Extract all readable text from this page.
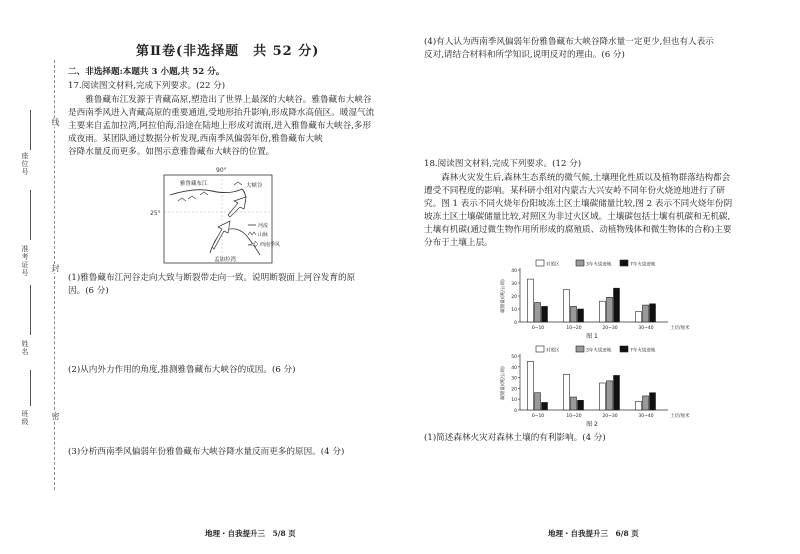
座位号
准考证号
姓名
班级
线
封
密
第Ⅱ卷(非选择题　共 52 分)
二、非选择题:本题共 3 小题,共 52 分。
17.阅读图文材料,完成下列要求。(22 分)
雅鲁藏布江发源于青藏高原,塑造出了世界上最深的大峡谷。雅鲁藏布大峡谷
是西南季风进入青藏高原的重要通道,受地形抬升影响,形成降水高值区。暖湿气流
主要来自孟加拉湾,阿拉伯海,沿途在陆地上形成对流雨,进入雅鲁藏布大峡谷,多形
成夜雨。某团队通过数据分析发现,西南季风偏弱年份,雅鲁藏布大峡
谷降水量反而更多。如图示意雅鲁藏布大峡谷的位置。
90°
25°
雅鲁藏布江	大峡谷
孟加拉湾
河流
山脉
西南季风
(1)雅鲁藏布江河谷走向大致与断裂带走向一致。说明断裂面上河谷发育的原
因。(6 分)
(2)从内外力作用的角度,推测雅鲁藏布大峡谷的成因。(6 分)
(3)分析西南季风偏弱年份雅鲁藏布大峡谷降水量反而更多的原因。(4 分)
地理・自我提升三　5/8 页
(4)有人认为西南季风偏弱年份雅鲁藏布大峡谷降水量一定更少,但也有人表示
反对,请结合材料和所学知识,说明反对的理由。(6 分)
18.阅读图文材料,完成下列要求。(12 分)
森林火灾发生后,森林生态系统的微气候,土壤理化性质以及植物群落结构都会
遭受不同程度的影响。某科研小组对内蒙古大兴安岭不同年份火烧迹地进行了研
究。图 1 表示不同火烧年份阳坡冻土区土壤碳储量比较,图 2 表示不同火烧年份阴
坡冻土区土壤碳储量比较,对照区为非过火区域。土壤碳包括土壤有机碳和无机碳,
土壤有机碳(通过微生物作用所形成的腐殖质、动植物残体和微生物体的合称)主要
分布于土壤上层。
0
10
20
30
40
碳储量/(吨/公顷)
0~10	10~20	20~30	30~40	土层/厘米
对照区	3年火烧迹地	7年火烧迹地
图 1
0
10
20
30
40
50
碳储量/(吨/公顷)
0~10	10~20	20~30	30~40	土层/厘米
对照区	3年火烧迹地	7年火烧迹地
图 2
(1)简述森林火灾对森林土壤的有利影响。(4 分)
地理・自我提升三　6/8 页
